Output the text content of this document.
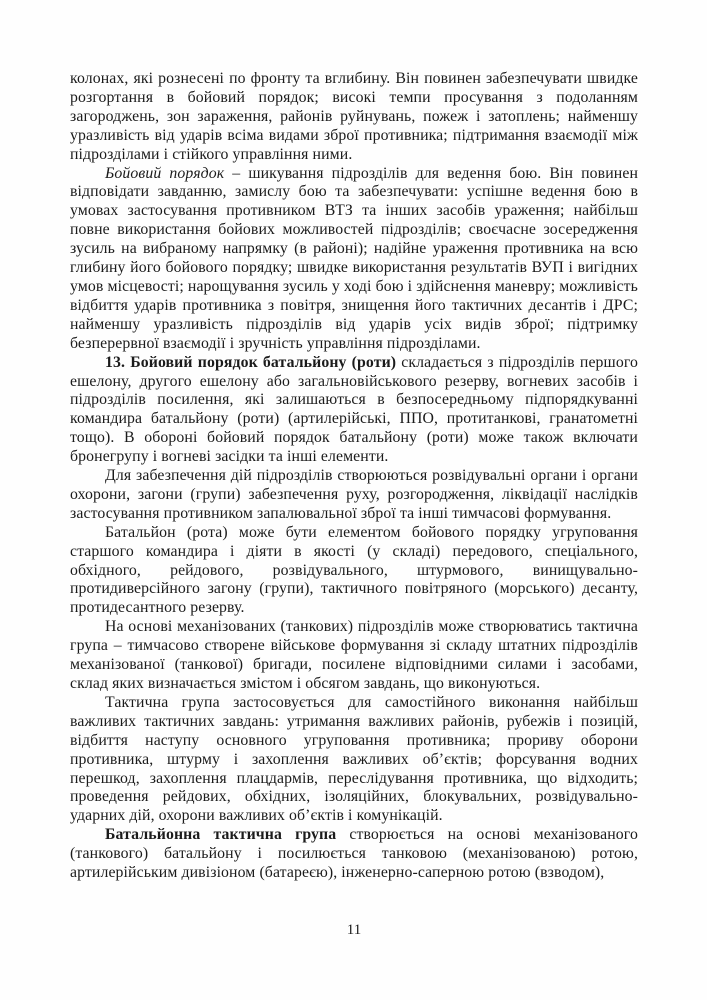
колонах, які рознесені по фронту та вглибину. Він повинен забезпечувати швидке розгортання в бойовий порядок; високі темпи просування з подоланням загороджень, зон зараження, районів руйнувань, пожеж і затоплень; найменшу уразливість від ударів всіма видами зброї противника; підтримання взаємодії між підрозділами і стійкого управління ними.

Бойовий порядок – шикування підрозділів для ведення бою. Він повинен відповідати завданню, замислу бою та забезпечувати: успішне ведення бою в умовах застосування противником ВТЗ та інших засобів ураження; найбільш повне використання бойових можливостей підрозділів; своєчасне зосередження зусиль на вибраному напрямку (в районі); надійне ураження противника на всю глибину його бойового порядку; швидке використання результатів ВУП і вигідних умов місцевості; нарощування зусиль у ході бою і здійснення маневру; можливість відбиття ударів противника з повітря, знищення його тактичних десантів і ДРС; найменшу уразливість підрозділів від ударів усіх видів зброї; підтримку безперервної взаємодії і зручність управління підрозділами.

13. Бойовий порядок батальйону (роти) складається з підрозділів першого ешелону, другого ешелону або загальновійськового резерву, вогневих засобів і підрозділів посилення, які залишаються в безпосередньому підпорядкуванні командира батальйону (роти) (артилерійські, ППО, протитанкові, гранатометні тощо). В обороні бойовий порядок батальйону (роти) може також включати бронегрупу і вогневі засідки та інші елементи.

Для забезпечення дій підрозділів створюються розвідувальні органи і органи охорони, загони (групи) забезпечення руху, розгородження, ліквідації наслідків застосування противником запалювальної зброї та інші тимчасові формування.

Батальйон (рота) може бути елементом бойового порядку угруповання старшого командира і діяти в якості (у складі) передового, спеціального, обхідного, рейдового, розвідувального, штурмового, винищувально-протидиверсійного загону (групи), тактичного повітряного (морського) десанту, протидесантного резерву.

На основі механізованих (танкових) підрозділів може створюватись тактична група – тимчасово створене військове формування зі складу штатних підрозділів механізованої (танкової) бригади, посилене відповідними силами і засобами, склад яких визначається змістом і обсягом завдань, що виконуються.

Тактична група застосовується для самостійного виконання найбільш важливих тактичних завдань: утримання важливих районів, рубежів і позицій, відбиття наступу основного угруповання противника; прориву оборони противника, штурму і захоплення важливих об’єктів; форсування водних перешкод, захоплення плацдармів, переслідування противника, що відходить; проведення рейдових, обхідних, ізоляційних, блокувальних, розвідувально-ударних дій, охорони важливих об’єктів і комунікацій.

Батальйонна тактична група створюється на основі механізованого (танкового) батальйону і посилюється танковою (механізованою) ротою, артилерійським дивізіоном (батареєю), інженерно-саперною ротою (взводом),

11
